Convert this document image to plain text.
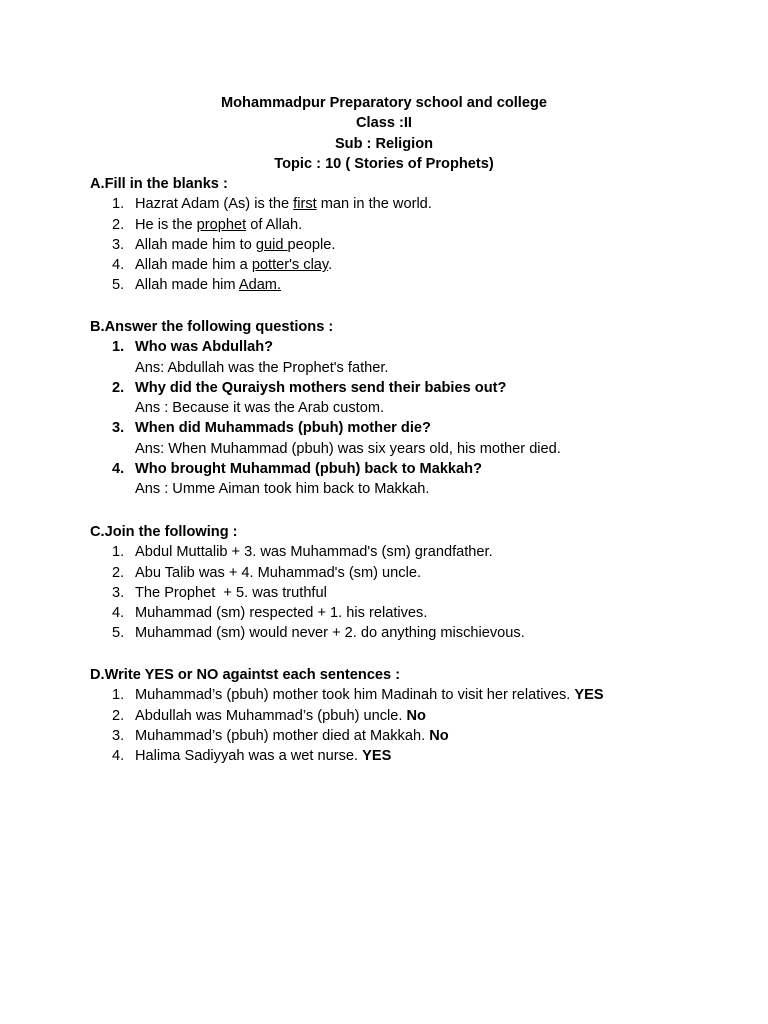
Mohammadpur Preparatory school and college
Class :II
Sub : Religion
Topic : 10 ( Stories of Prophets)
A.Fill in the blanks :
1. Hazrat Adam (As) is the first man in the world.
2. He is the prophet of Allah.
3. Allah made him to guid people.
4. Allah made him a potter's clay.
5. Allah made him Adam.
B.Answer the following questions :
1. Who was Abdullah?
Ans: Abdullah was the Prophet's father.
2. Why did the Quraiysh mothers send their babies out?
Ans : Because it was the Arab custom.
3. When did Muhammads (pbuh) mother die?
Ans: When Muhammad (pbuh) was six years old, his mother died.
4. Who brought Muhammad (pbuh) back to Makkah?
Ans : Umme Aiman took him back to Makkah.
C.Join the following :
1. Abdul Muttalib + 3. was Muhammad's (sm) grandfather.
2. Abu Talib was + 4. Muhammad's (sm) uncle.
3. The Prophet  + 5. was truthful
4. Muhammad (sm) respected + 1. his relatives.
5. Muhammad (sm) would never + 2. do anything mischievous.
D.Write YES or NO againtst each sentences :
1. Muhammad’s (pbuh) mother took him Madinah to visit her relatives. YES
2. Abdullah was Muhammad’s (pbuh) uncle. No
3. Muhammad’s (pbuh) mother died at Makkah. No
4. Halima Sadiyyah was a wet nurse. YES
